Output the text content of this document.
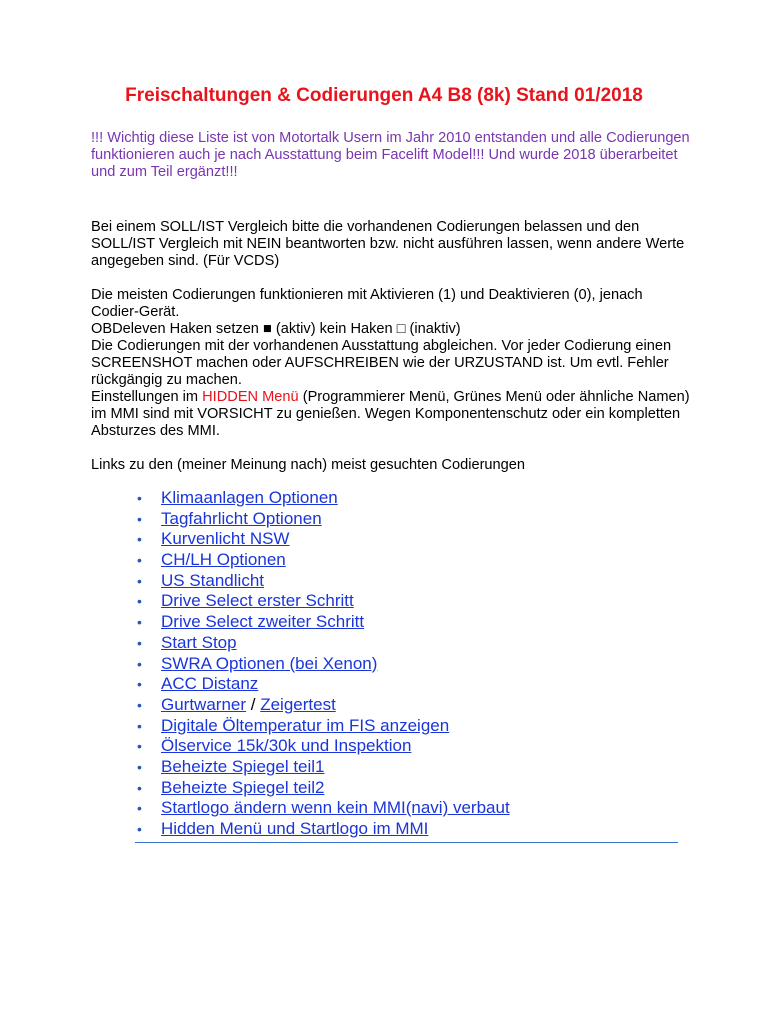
Freischaltungen & Codierungen A4 B8 (8k) Stand 01/2018

!!! Wichtig diese Liste ist von Motortalk Usern im Jahr 2010 entstanden und alle Codierungen funktionieren auch je nach Ausstattung beim Facelift Model!!! Und wurde 2018 überarbeitet und zum Teil ergänzt!!!

Bei einem SOLL/IST Vergleich bitte die vorhandenen Codierungen belassen und den SOLL/IST Vergleich mit NEIN beantworten bzw. nicht ausführen lassen, wenn andere Werte angegeben sind. (Für VCDS)

Die meisten Codierungen funktionieren mit Aktivieren (1) und Deaktivieren (0), jenach Codier-Gerät.
OBDeleven Haken setzen ■ (aktiv) kein Haken □ (inaktiv)
Die Codierungen mit der vorhandenen Ausstattung abgleichen. Vor jeder Codierung einen SCREENSHOT machen oder AUFSCHREIBEN wie der URZUSTAND ist. Um evtl. Fehler rückgängig zu machen.
Einstellungen im HIDDEN Menü (Programmierer Menü, Grünes Menü oder ähnliche Namen) im MMI sind mit VORSICHT zu genießen. Wegen Komponentenschutz oder ein kompletten Absturzes des MMI.

Links zu den (meiner Meinung nach) meist gesuchten Codierungen

• Klimaanlagen Optionen
• Tagfahrlicht Optionen
• Kurvenlicht NSW
• CH/LH Optionen
• US Standlicht
• Drive Select erster Schritt
• Drive Select zweiter Schritt
• Start Stop
• SWRA Optionen (bei Xenon)
• ACC Distanz
• Gurtwarner / Zeigertest
• Digitale Öltemperatur im FIS anzeigen
• Ölservice 15k/30k und Inspektion
• Beheizte Spiegel teil1
• Beheizte Spiegel teil2
• Startlogo ändern wenn kein MMI(navi) verbaut
• Hidden Menü und Startlogo im MMI
